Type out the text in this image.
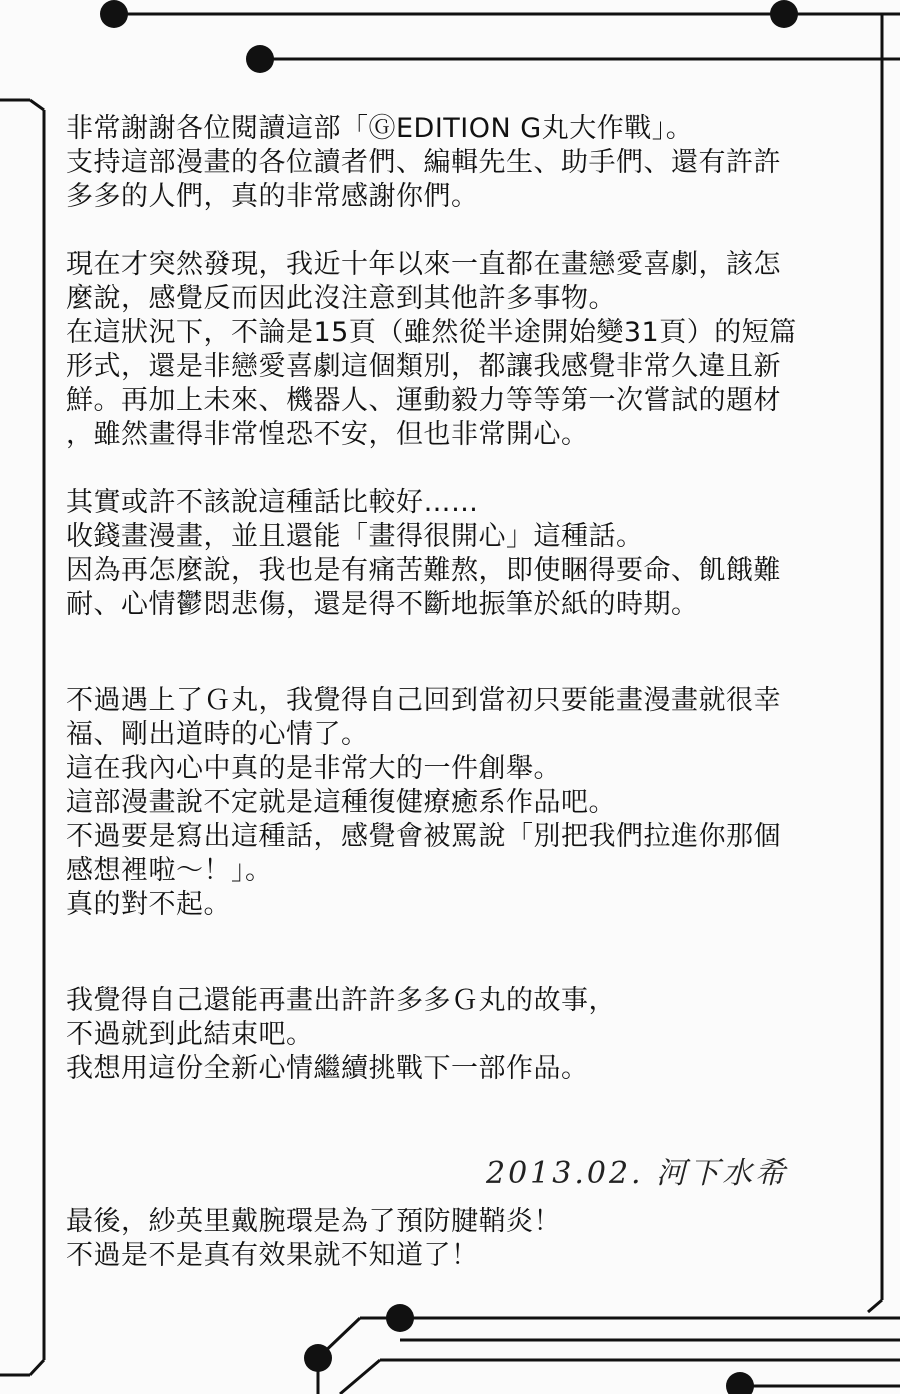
非常謝謝各位閱讀這部「ⒼEDITION G丸大作戰」。
支持這部漫畫的各位讀者們、編輯先生、助手們、還有許許
多多的人們，真的非常感謝你們。
現在才突然發現，我近十年以來一直都在畫戀愛喜劇，該怎
麼說，感覺反而因此沒注意到其他許多事物。
在這狀況下，不論是15頁（雖然從半途開始變31頁）的短篇
形式，還是非戀愛喜劇這個類別，都讓我感覺非常久違且新
鮮。再加上未來、機器人、運動毅力等等第一次嘗試的題材
，雖然畫得非常惶恐不安，但也非常開心。
其實或許不該說這種話比較好……
收錢畫漫畫，並且還能「畫得很開心」這種話。
因為再怎麼說，我也是有痛苦難熬，即使睏得要命、飢餓難
耐、心情鬱悶悲傷，還是得不斷地振筆於紙的時期。
不過遇上了Ｇ丸，我覺得自己回到當初只要能畫漫畫就很幸
福、剛出道時的心情了。
這在我內心中真的是非常大的一件創舉。
這部漫畫說不定就是這種復健療癒系作品吧。
不過要是寫出這種話，感覺會被罵說「別把我們拉進你那個
感想裡啦～！」。
真的對不起。
我覺得自己還能再畫出許許多多Ｇ丸的故事，
不過就到此結束吧。
我想用這份全新心情繼續挑戰下一部作品。
2013.02. 河下水希
最後，紗英里戴腕環是為了預防腱鞘炎！
不過是不是真有效果就不知道了！
